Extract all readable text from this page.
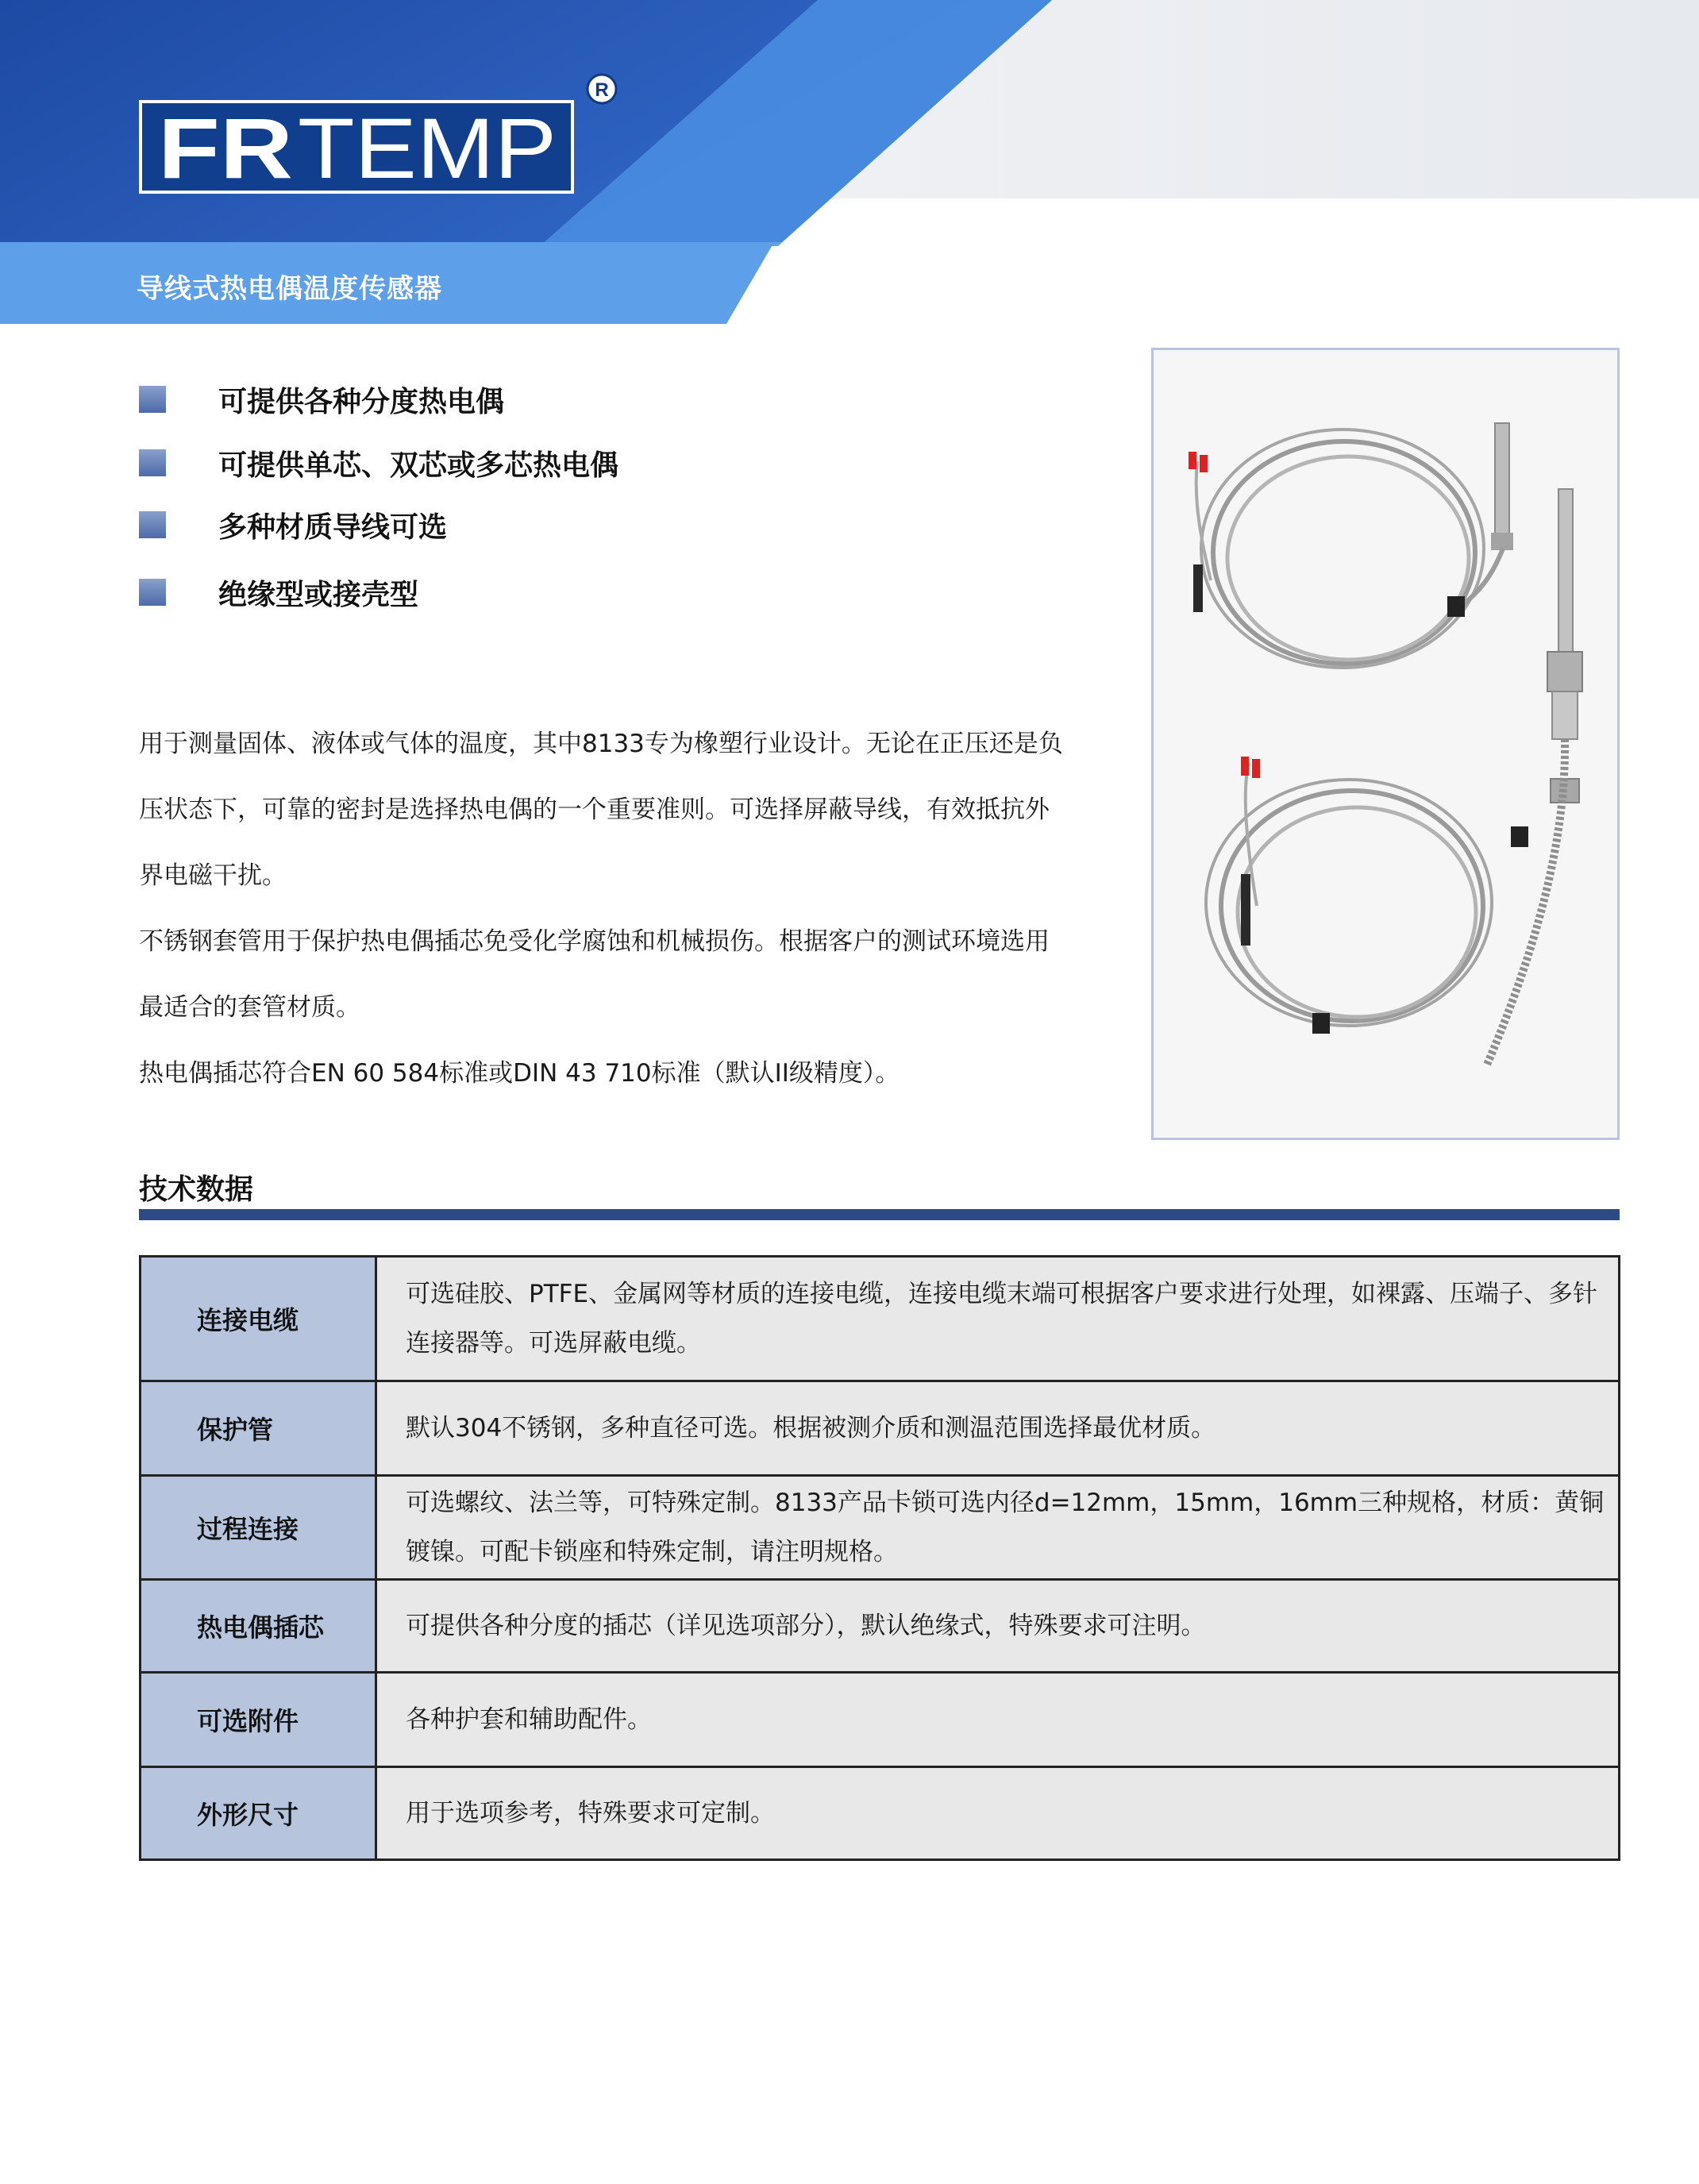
FR TEMP
R
导线式热电偶温度传感器
可提供各种分度热电偶
可提供单芯、双芯或多芯热电偶
多种材质导线可选
绝缘型或接壳型

用于测量固体、液体或气体的温度，其中8133专为橡塑行业设计。无论在正压还是负

压状态下，可靠的密封是选择热电偶的一个重要准则。可选择屏蔽导线，有效抵抗外

界电磁干扰。

不锈钢套管用于保护热电偶插芯免受化学腐蚀和机械损伤。根据客户的测试环境选用

最适合的套管材质。

热电偶插芯符合EN 60 584标准或DIN 43 710标准（默认II级精度）。

技术数据
连接电缆	可选硅胶、PTFE、金属网等材质的连接电缆，连接电缆末端可根据客户要求进行处理，如裸露、压端子、多针
连接器等。可选屏蔽电缆。

保护管	默认304不锈钢，多种直径可选。根据被测介质和测温范围选择最优材质。

过程连接	可选螺纹、法兰等，可特殊定制。8133产品卡锁可选内径d=12mm，15mm，16mm三种规格，材质：黄铜
镀镍。可配卡锁座和特殊定制，请注明规格。

热电偶插芯	可提供各种分度的插芯（详见选项部分），默认绝缘式，特殊要求可注明。

可选附件	各种护套和辅助配件。

外形尺寸	用于选项参考，特殊要求可定制。
